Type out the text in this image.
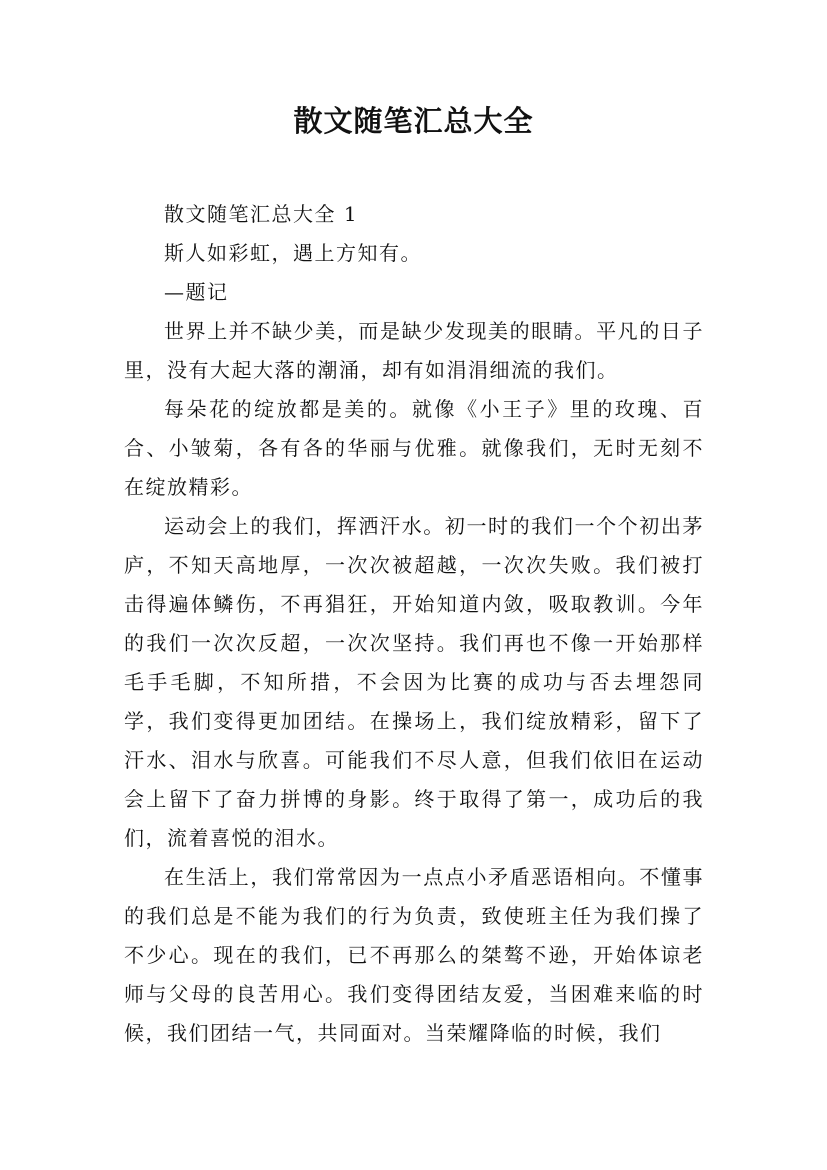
散文随笔汇总大全

散文随笔汇总大全 1

斯人如彩虹，遇上方知有。

—题记

世界上并不缺少美，而是缺少发现美的眼睛。平凡的日子里，没有大起大落的潮涌，却有如涓涓细流的我们。

每朵花的绽放都是美的。就像《小王子》里的玫瑰、百合、小皱菊，各有各的华丽与优雅。就像我们，无时无刻不在绽放精彩。

运动会上的我们，挥洒汗水。初一时的我们一个个初出茅庐，不知天高地厚，一次次被超越，一次次失败。我们被打击得遍体鳞伤，不再猖狂，开始知道内敛，吸取教训。今年的我们一次次反超，一次次坚持。我们再也不像一开始那样毛手毛脚，不知所措，不会因为比赛的成功与否去埋怨同学，我们变得更加团结。在操场上，我们绽放精彩，留下了汗水、泪水与欣喜。可能我们不尽人意，但我们依旧在运动会上留下了奋力拼博的身影。终于取得了第一，成功后的我们，流着喜悦的泪水。

在生活上，我们常常因为一点点小矛盾恶语相向。不懂事的我们总是不能为我们的行为负责，致使班主任为我们操了不少心。现在的我们，已不再那么的桀骜不逊，开始体谅老师与父母的良苦用心。我们变得团结友爱，当困难来临的时候，我们团结一气，共同面对。当荣耀降临的时候，我们
